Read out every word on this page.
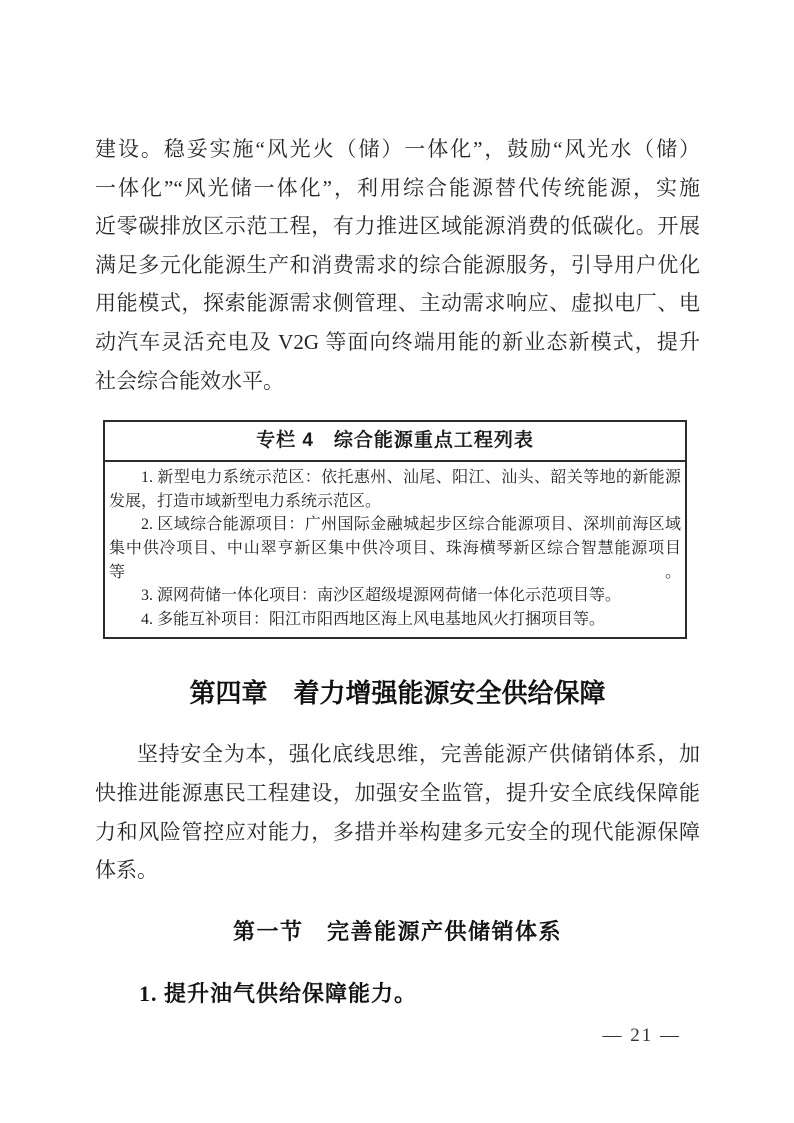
建设。稳妥实施“风光火（储）一体化”，鼓励“风光水（储）
一体化”“风光储一体化”，利用综合能源替代传统能源，实施
近零碳排放区示范工程，有力推进区域能源消费的低碳化。开展
满足多元化能源生产和消费需求的综合能源服务，引导用户优化
用能模式，探索能源需求侧管理、主动需求响应、虚拟电厂、电
动汽车灵活充电及 V2G 等面向终端用能的新业态新模式，提升
社会综合能效水平。
专栏 4　综合能源重点工程列表
1. 新型电力系统示范区：依托惠州、汕尾、阳江、汕头、韶关等地的新能源
发展，打造市域新型电力系统示范区。
2. 区域综合能源项目：广州国际金融城起步区综合能源项目、深圳前海区域
集中供冷项目、中山翠亨新区集中供冷项目、珠海横琴新区综合智慧能源项目等。
3. 源网荷储一体化项目：南沙区超级堤源网荷储一体化示范项目等。
4. 多能互补项目：阳江市阳西地区海上风电基地风火打捆项目等。
第四章　着力增强能源安全供给保障
坚持安全为本，强化底线思维，完善能源产供储销体系，加
快推进能源惠民工程建设，加强安全监管，提升安全底线保障能
力和风险管控应对能力，多措并举构建多元安全的现代能源保障
体系。
第一节　完善能源产供储销体系
1. 提升油气供给保障能力。
— 21 —
